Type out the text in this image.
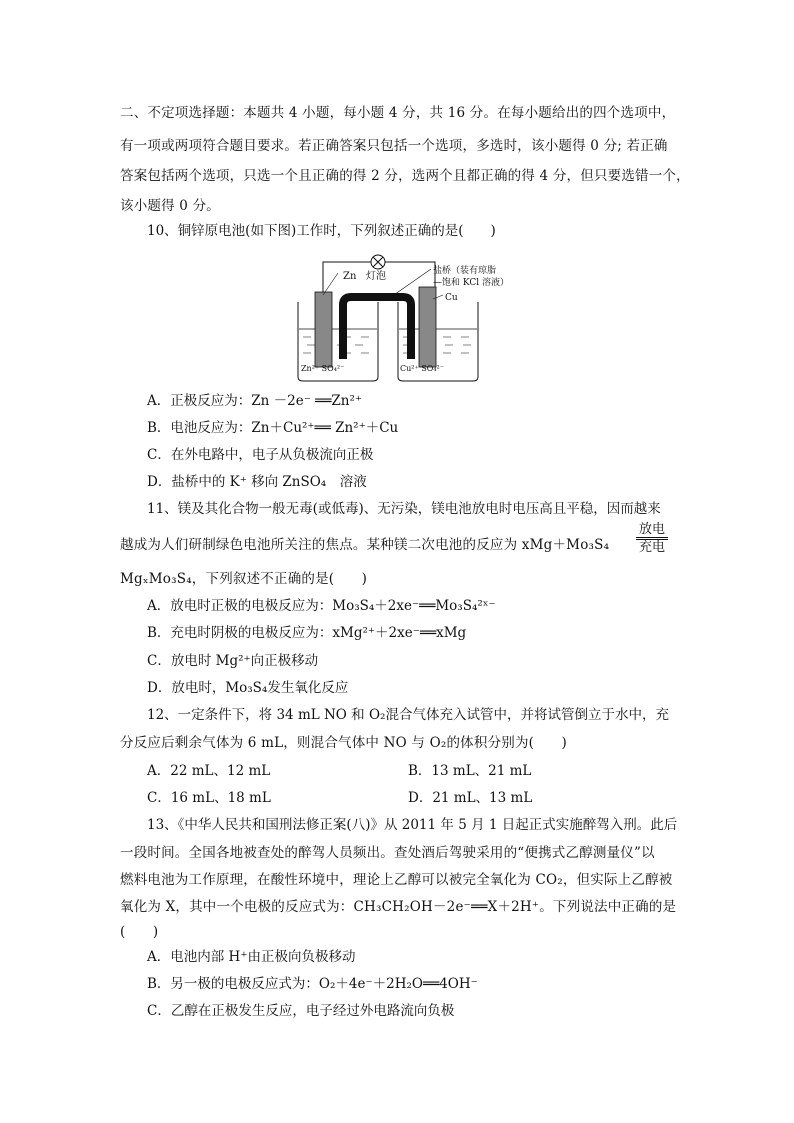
二、不定项选择题：本题共 4 小题，每小题 4 分，共 16 分。在每小题给出的四个选项中，
有一项或两项符合题目要求。若正确答案只包括一个选项，多选时，该小题得 0 分; 若正确
答案包括两个选项，只选一个且正确的得 2 分，选两个且都正确的得 4 分，但只要选错一个，
该小题得 0 分。
10、铜锌原电池(如下图)工作时，下列叙述正确的是(　　)
Zn 灯泡	盐桥（装有琼脂
—饱和 KCl 溶液）
Cu
Zn²⁺ SO₄²⁻	Cu²⁺ SO₄²⁻
A．正极反应为：Zn －2e⁻ ══Zn²⁺
B．电池反应为：Zn＋Cu²⁺══ Zn²⁺＋Cu
C．在外电路中，电子从负极流向正极
D．盐桥中的 K⁺ 移向 ZnSO₄　溶液
11、镁及其化合物一般无毒(或低毒)、无污染，镁电池放电时电压高且平稳，因而越来
越成为人们研制绿色电池所关注的焦点。某种镁二次电池的反应为 xMg＋Mo₃S₄
放电
充电
MgₓMo₃S₄，下列叙述不正确的是(　　)
A．放电时正极的电极反应为：Mo₃S₄＋2xe⁻══Mo₃S₄²ˣ⁻
B．充电时阴极的电极反应为：xMg²⁺＋2xe⁻══xMg
C．放电时 Mg²⁺向正极移动
D．放电时，Mo₃S₄发生氧化反应
12、一定条件下，将 34 mL NO 和 O₂混合气体充入试管中，并将试管倒立于水中，充
分反应后剩余气体为 6 mL，则混合气体中 NO 与 O₂的体积分别为(　　)
A．22 mL、12 mL	B．13 mL、21 mL
C．16 mL、18 mL	D．21 mL、13 mL
13、《中华人民共和国刑法修正案(八)》从 2011 年 5 月 1 日起正式实施醉驾入刑。此后
一段时间。全国各地被查处的醉驾人员频出。查处酒后驾驶采用的“便携式乙醇测量仪”以
燃料电池为工作原理，在酸性环境中，理论上乙醇可以被完全氧化为 CO₂，但实际上乙醇被
氧化为 X，其中一个电极的反应式为：CH₃CH₂OH－2e⁻══X＋2H⁺。下列说法中正确的是
(　　)
A．电池内部 H⁺由正极向负极移动
B．另一极的电极反应式为：O₂＋4e⁻＋2H₂O══4OH⁻
C．乙醇在正极发生反应，电子经过外电路流向负极
